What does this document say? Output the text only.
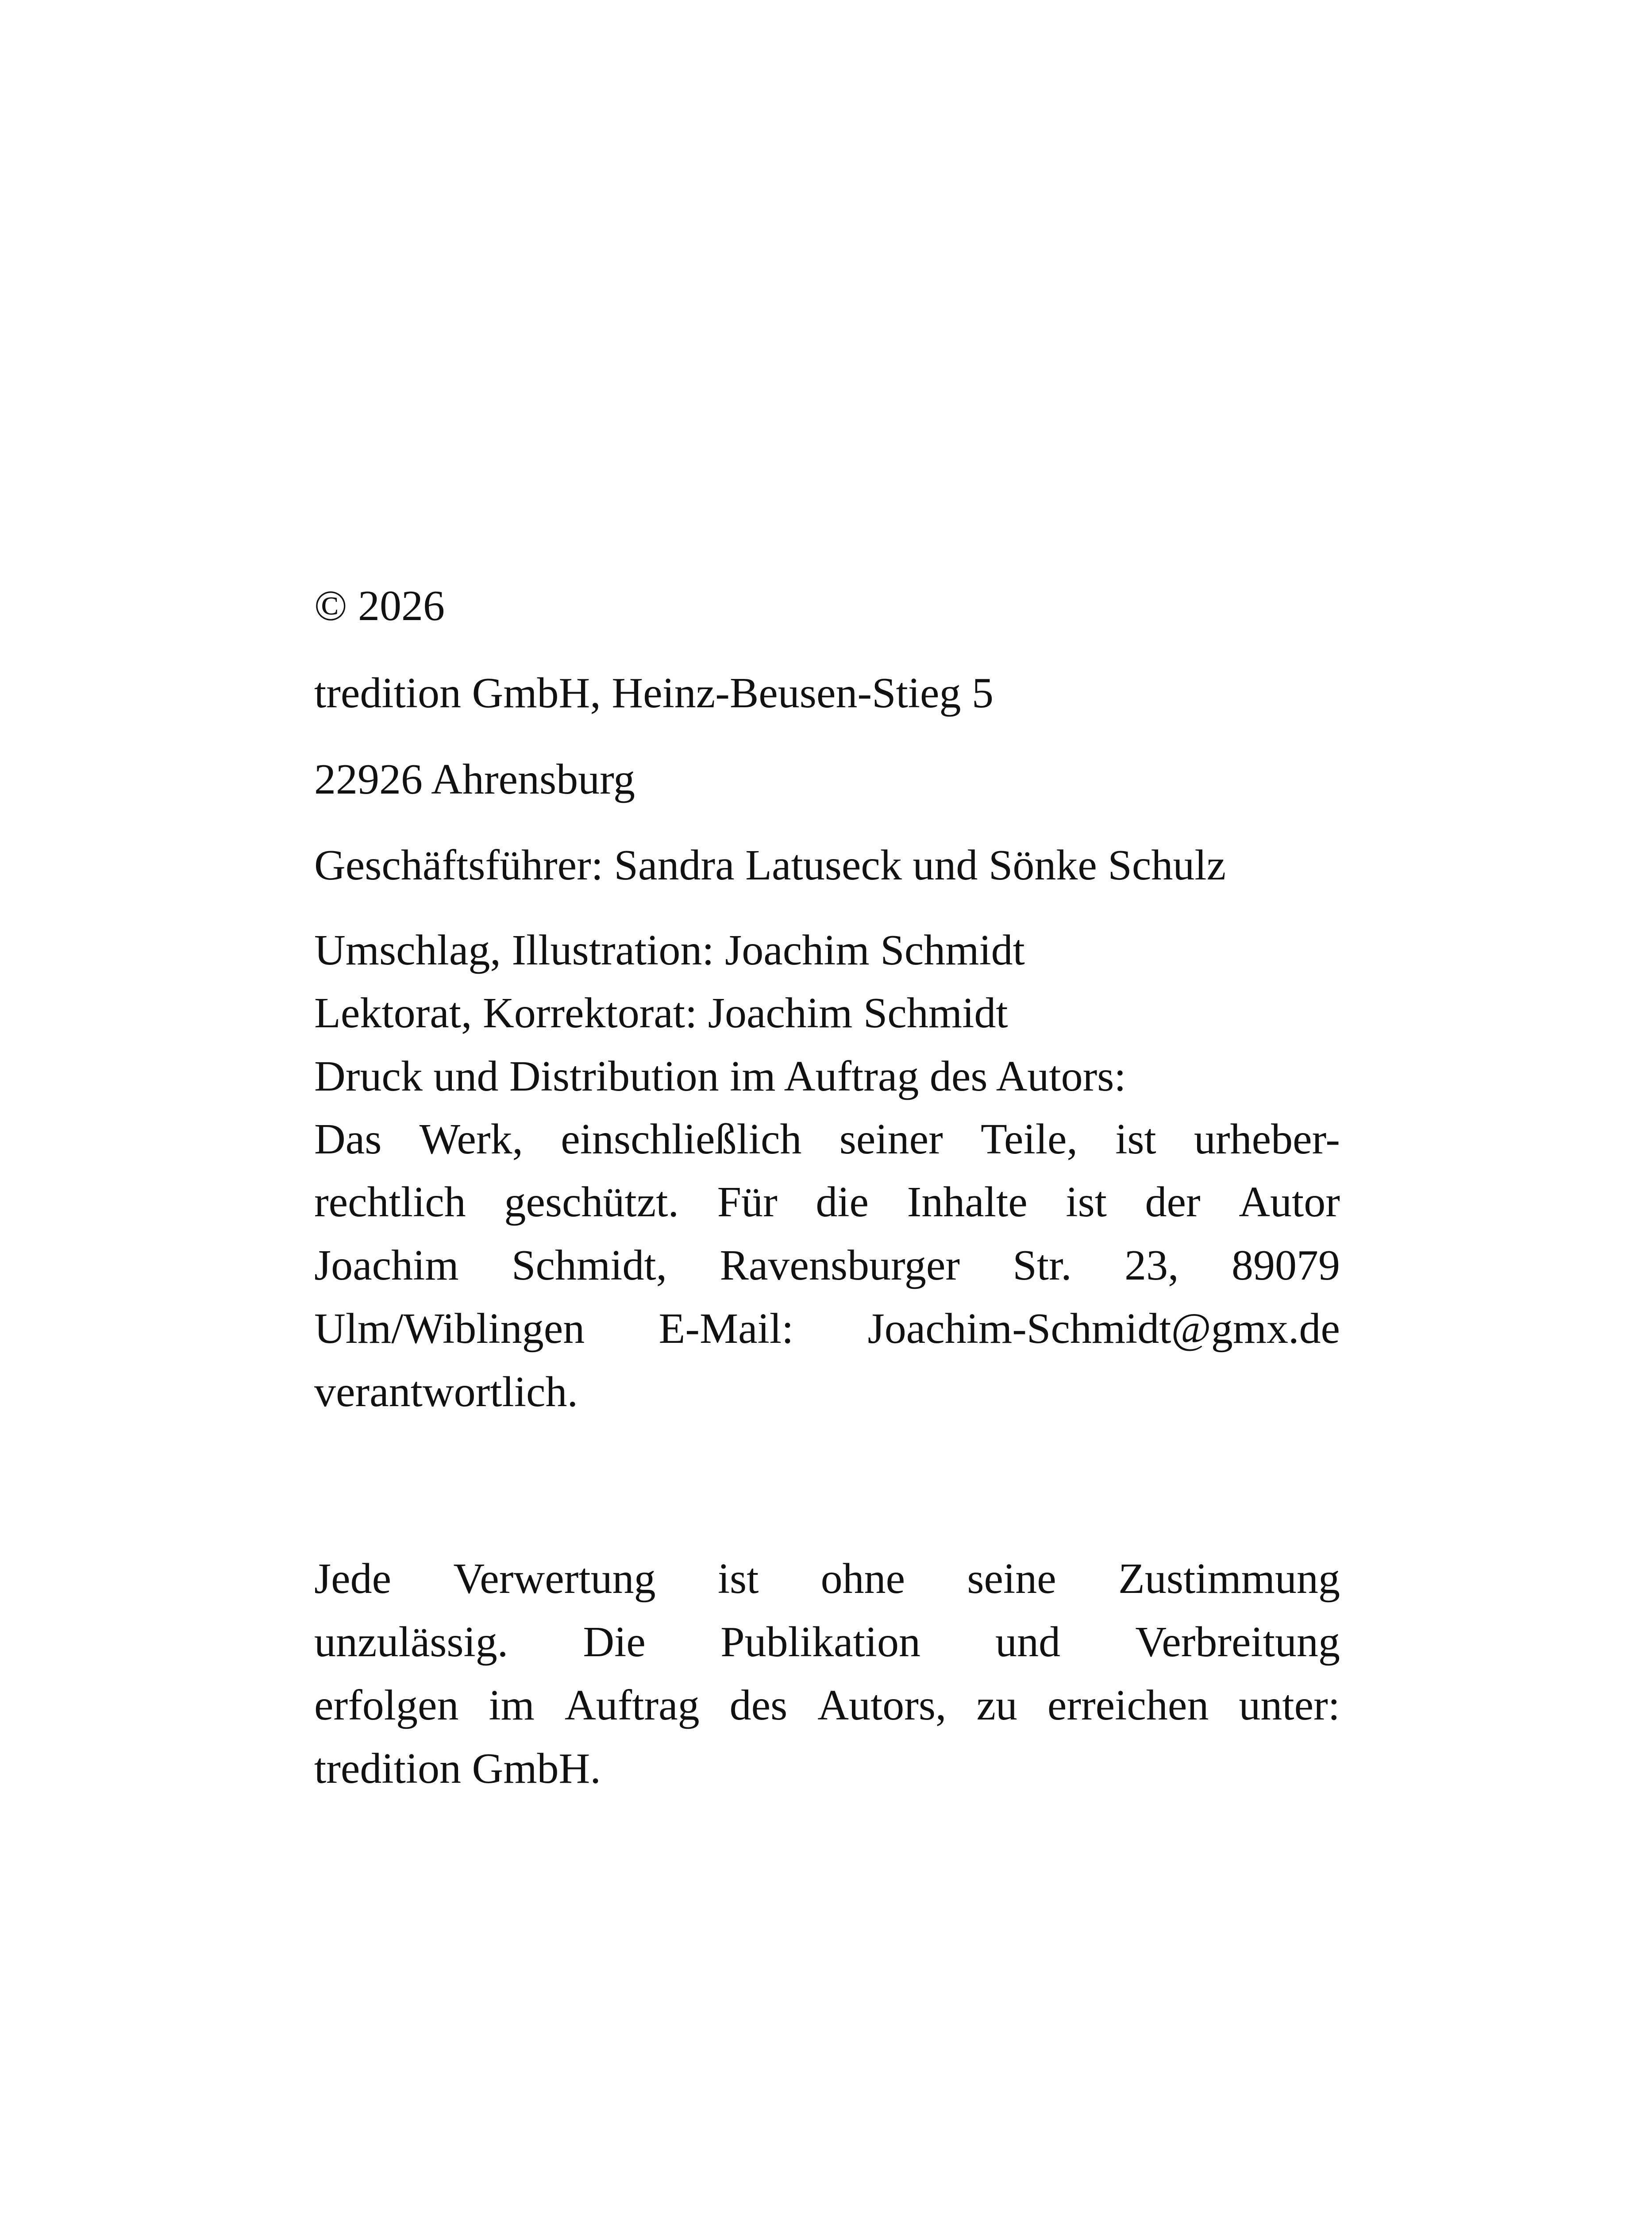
© 2026
tredition GmbH, Heinz-Beusen-Stieg 5
22926 Ahrensburg
Geschäftsführer: Sandra Latuseck und Sönke Schulz
Umschlag, Illustration: Joachim Schmidt
Lektorat, Korrektorat: Joachim Schmidt
Druck und Distribution im Auftrag des Autors:
Das Werk, einschließlich seiner Teile, ist urheber-
rechtlich geschützt. Für die Inhalte ist der Autor
Joachim Schmidt, Ravensburger Str. 23, 89079
Ulm/Wiblingen E-Mail: Joachim-Schmidt@gmx.de
verantwortlich.
Jede Verwertung ist ohne seine Zustimmung
unzulässig. Die Publikation und Verbreitung
erfolgen im Auftrag des Autors, zu erreichen unter:
tredition GmbH.
